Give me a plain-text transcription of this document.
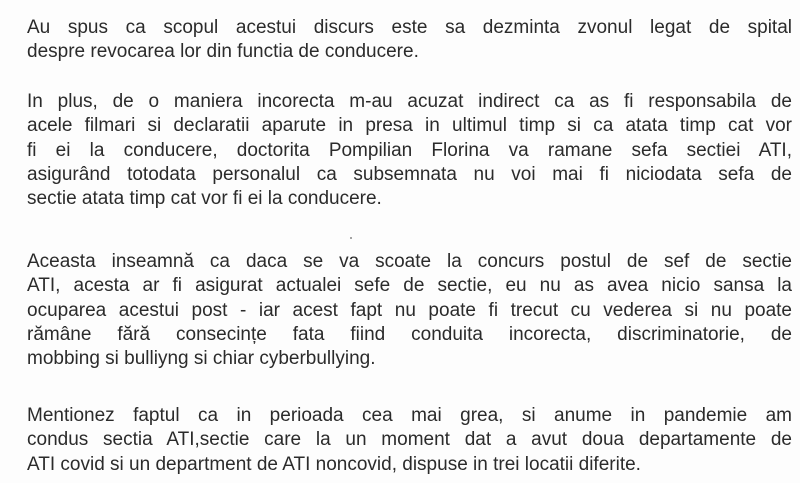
Au spus ca scopul acestui discurs este sa dezminta zvonul legat de spital
despre revocarea lor din functia de conducere.

In plus, de o maniera incorecta m-au acuzat indirect ca as fi responsabila de
acele filmari si declaratii aparute in presa in ultimul timp si ca atata timp cat vor
fi ei la conducere, doctorita Pompilian Florina va ramane sefa sectiei ATI,
asigurând totodata personalul ca subsemnata nu voi mai fi niciodata sefa de
sectie atata timp cat vor fi ei la conducere.

Aceasta inseamnă ca daca se va scoate la concurs postul de sef de sectie
ATI, acesta ar fi asigurat actualei sefe de sectie, eu nu as avea nicio sansa la
ocuparea acestui post - iar acest fapt nu poate fi trecut cu vederea si nu poate
rămâne fără consecințe fata fiind conduita incorecta, discriminatorie, de
mobbing si bulliyng si chiar cyberbullying.

Mentionez faptul ca in perioada cea mai grea, si anume in pandemie am
condus sectia ATI,sectie care la un moment dat a avut doua departamente de
ATI covid si un department de ATI noncovid, dispuse in trei locatii diferite.
